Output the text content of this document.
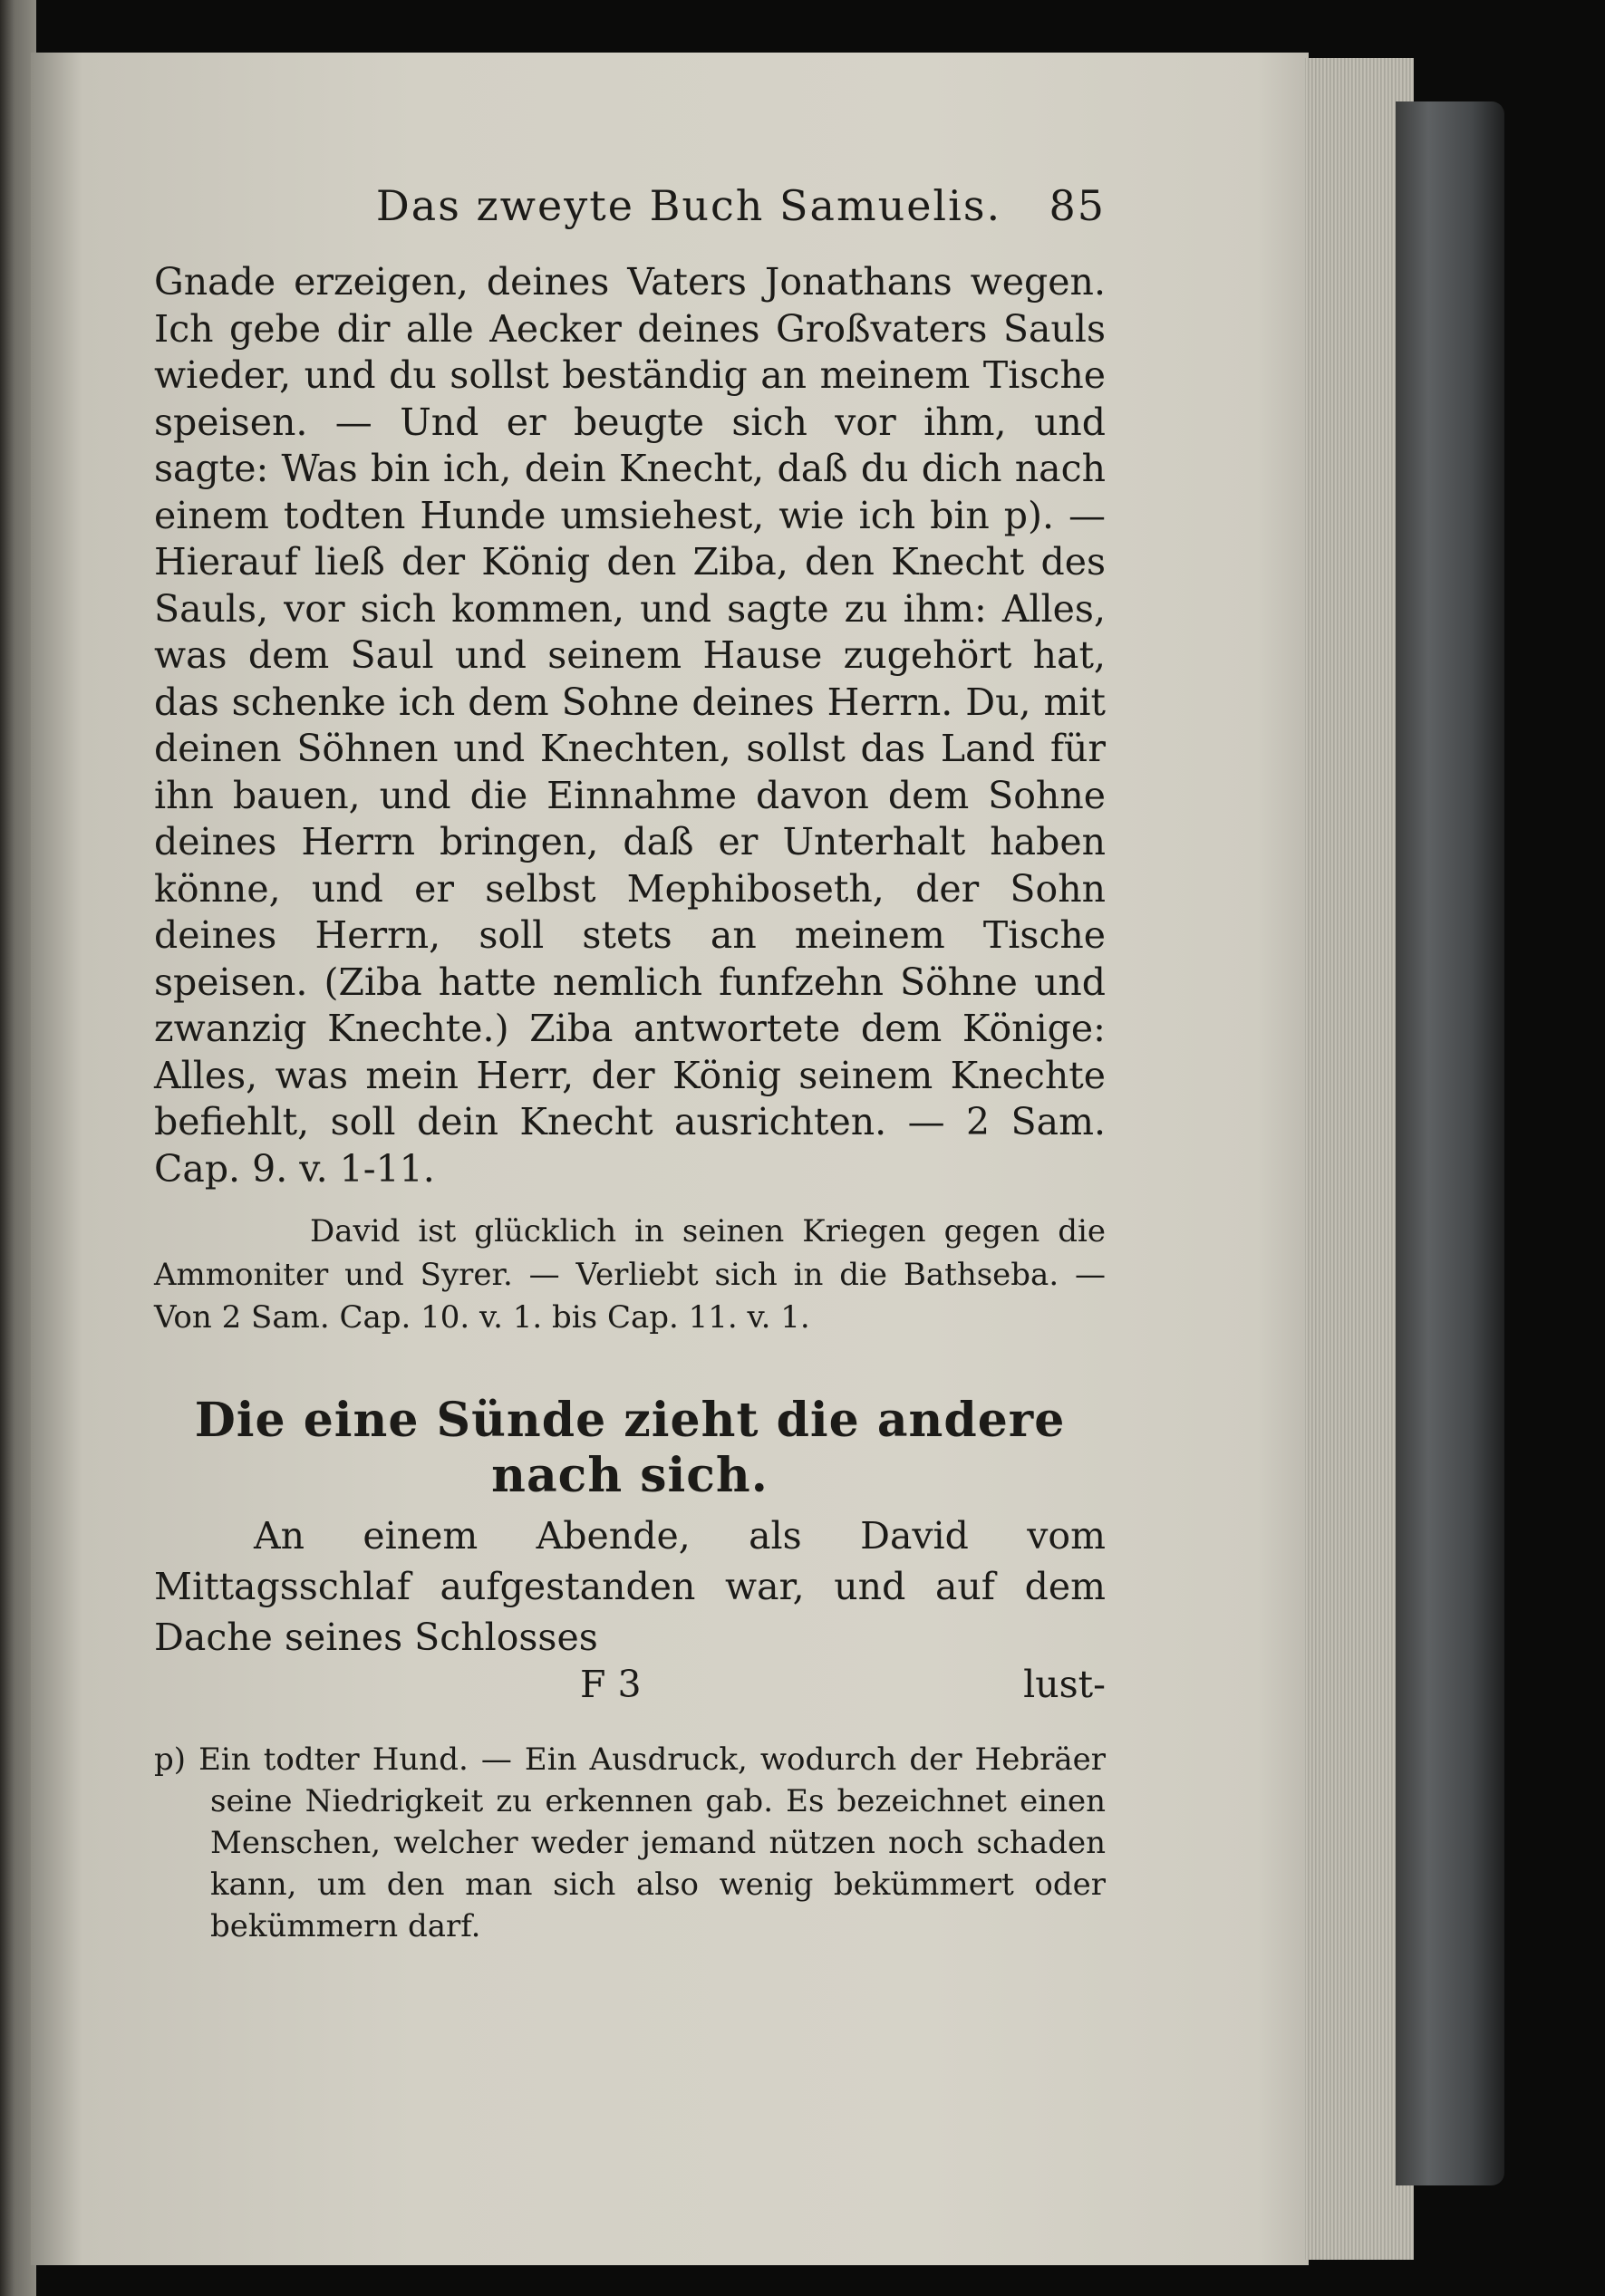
Das zweyte Buch Samuelis. 85

Gnade erzeigen, deines Vaters Jonathans wegen. Ich gebe dir alle Aecker deines Großvaters Sauls wieder, und du sollst beständig an meinem Tische speisen. — Und er beugte sich vor ihm, und sagte: Was bin ich, dein Knecht, daß du dich nach einem todten Hunde umsiehest, wie ich bin p). — Hierauf ließ der König den Ziba, den Knecht des Sauls, vor sich kommen, und sagte zu ihm: Alles, was dem Saul und seinem Hause zugehört hat, das schenke ich dem Sohne deines Herrn. Du, mit deinen Söhnen und Knechten, sollst das Land für ihn bauen, und die Einnahme davon dem Sohne deines Herrn bringen, daß er Unterhalt haben könne, und er selbst Mephiboseth, der Sohn deines Herrn, soll stets an meinem Tische speisen. (Ziba hatte nemlich funfzehn Söhne und zwanzig Knechte.) Ziba antwortete dem Könige: Alles, was mein Herr, der König seinem Knechte befiehlt, soll dein Knecht ausrichten. — 2 Sam. Cap. 9. v. 1-11.

David ist glücklich in seinen Kriegen gegen die Ammoniter und Syrer. — Verliebt sich in die Bathseba. — Von 2 Sam. Cap. 10. v. 1. bis Cap. 11. v. 1.

Die eine Sünde zieht die andere nach sich.

An einem Abende, als David vom Mittagsschlaf aufgestanden war, und auf dem Dache seines Schlosses

F 3	lust-

p) Ein todter Hund. — Ein Ausdruck, wodurch der Hebräer seine Niedrigkeit zu erkennen gab. Es bezeichnet einen Menschen, welcher weder jemand nützen noch schaden kann, um den man sich also wenig bekümmert oder bekümmern darf.
